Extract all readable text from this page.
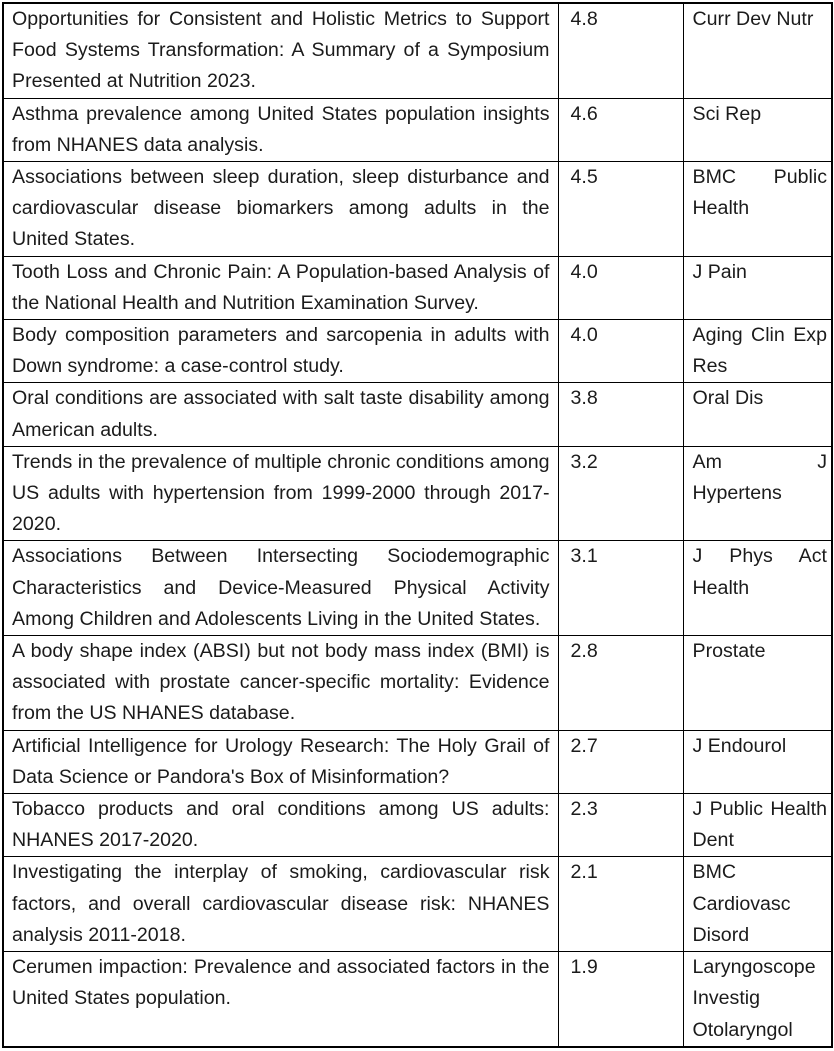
Opportunities for Consistent and Holistic Metrics to Support Food Systems Transformation: A Summary of a Symposium Presented at Nutrition 2023.	4.8	Curr Dev Nutr
Asthma prevalence among United States population insights from NHANES data analysis.	4.6	Sci Rep
Associations between sleep duration, sleep disturbance and cardiovascular disease biomarkers among adults in the United States.	4.5	BMC Public Health
Tooth Loss and Chronic Pain: A Population-based Analysis of the National Health and Nutrition Examination Survey.	4.0	J Pain
Body composition parameters and sarcopenia in adults with Down syndrome: a case-control study.	4.0	Aging Clin Exp Res
Oral conditions are associated with salt taste disability among American adults.	3.8	Oral Dis
Trends in the prevalence of multiple chronic conditions among US adults with hypertension from 1999-2000 through 2017-2020.	3.2	Am J Hypertens
Associations Between Intersecting Sociodemographic Characteristics and Device-Measured Physical Activity Among Children and Adolescents Living in the United States.	3.1	J Phys Act Health
A body shape index (ABSI) but not body mass index (BMI) is associated with prostate cancer-specific mortality: Evidence from the US NHANES database.	2.8	Prostate
Artificial Intelligence for Urology Research: The Holy Grail of Data Science or Pandora's Box of Misinformation?	2.7	J Endourol
Tobacco products and oral conditions among US adults: NHANES 2017-2020.	2.3	J Public Health Dent
Investigating the interplay of smoking, cardiovascular risk factors, and overall cardiovascular disease risk: NHANES analysis 2011-2018.	2.1	BMC Cardiovasc Disord
Cerumen impaction: Prevalence and associated factors in the United States population.	1.9	Laryngoscope Investig Otolaryngol
